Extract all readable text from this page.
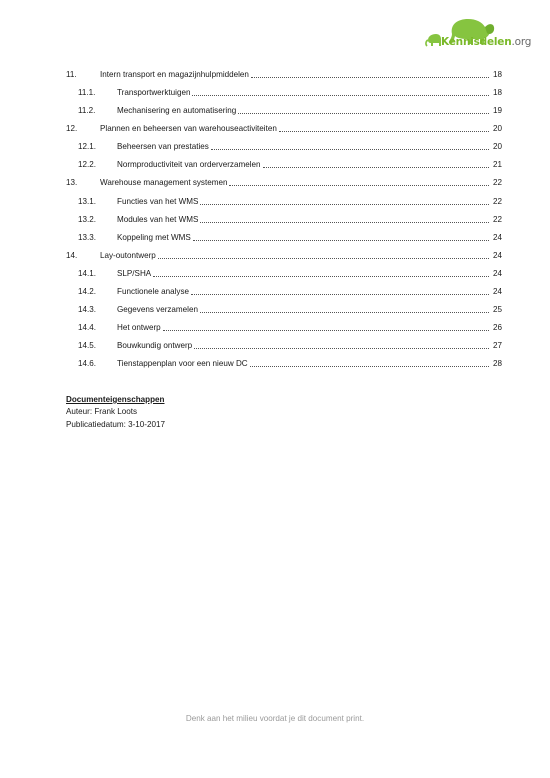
Kennisdelen.org
11.	Intern transport en magazijnhulpmiddelen	18
11.1.	Transportwerktuigen	18
11.2.	Mechanisering en automatisering	19
12.	Plannen en beheersen van warehouseactiviteiten	20
12.1.	Beheersen van prestaties	20
12.2.	Normproductiviteit van orderverzamelen	21
13.	Warehouse management systemen	22
13.1.	Functies van het WMS	22
13.2.	Modules van het WMS	22
13.3.	Koppeling met WMS	24
14.	Lay-outontwerp	24
14.1.	SLP/SHA	24
14.2.	Functionele analyse	24
14.3.	Gegevens verzamelen	25
14.4.	Het ontwerp	26
14.5.	Bouwkundig ontwerp	27
14.6.	Tienstappenplan voor een nieuw DC	28
Documenteigenschappen
Auteur: Frank Loots
Publicatiedatum: 3-10-2017
Denk aan het milieu voordat je dit document print.
